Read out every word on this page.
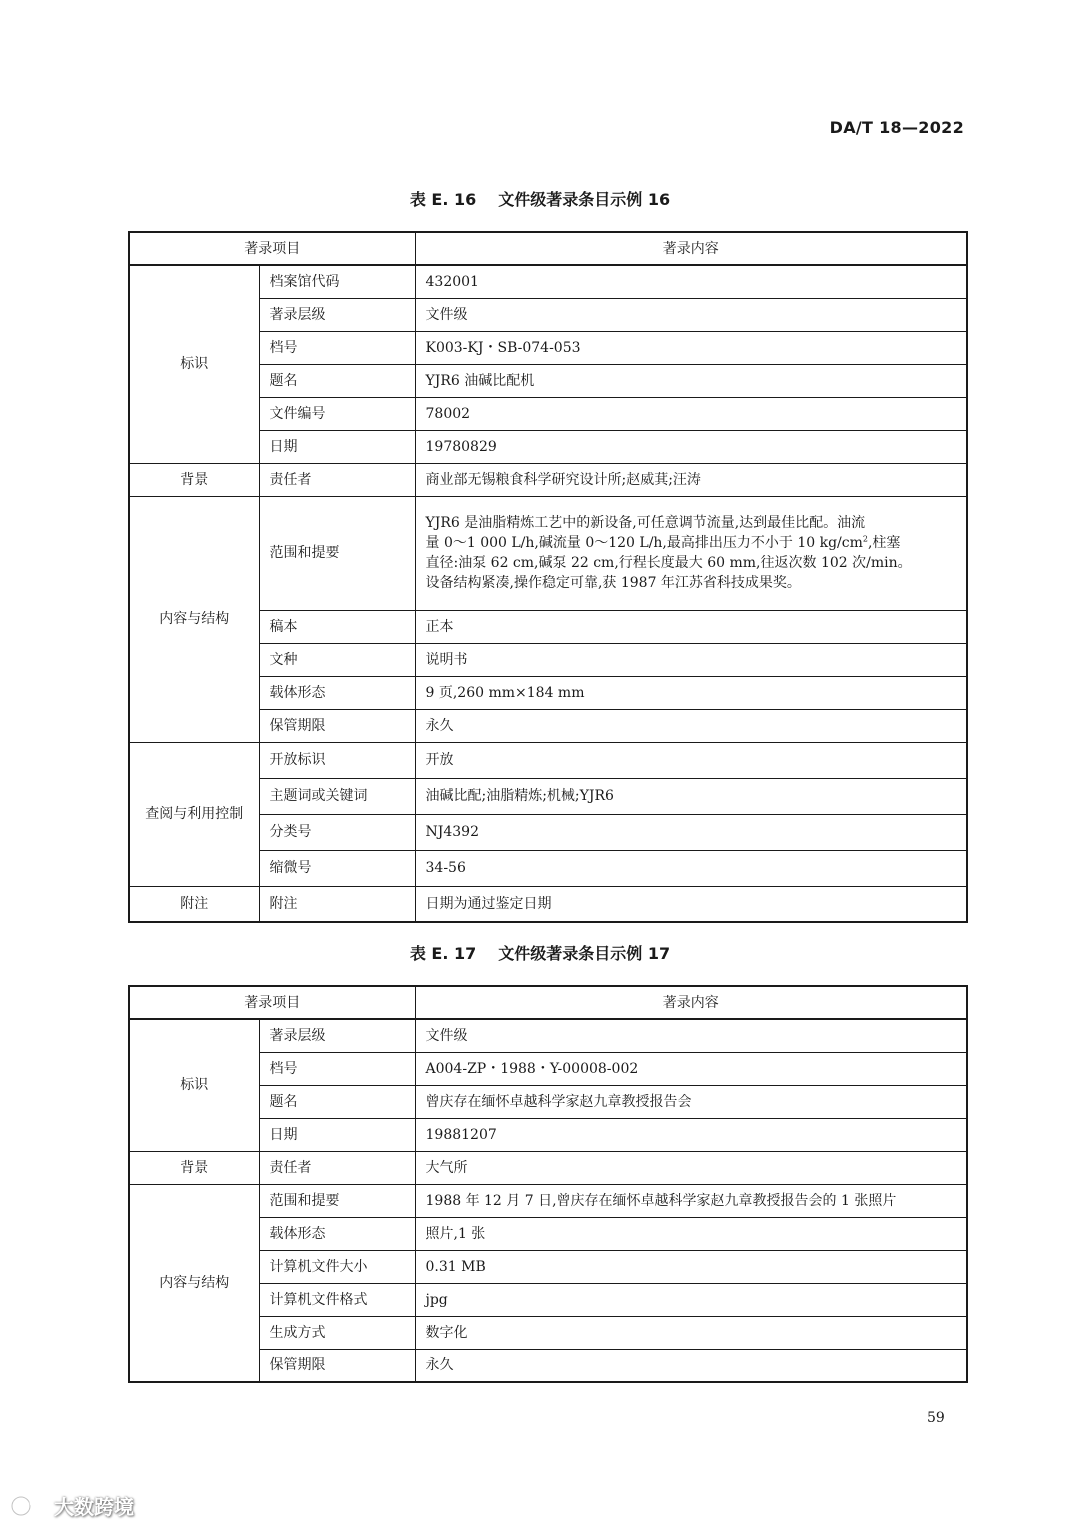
DA/T 18—2022
表 E. 16 文件级著录条目示例 16
著录项目		著录内容
标识	档案馆代码	432001
	著录层级	文件级
	档号	K003-KJ・SB-074-053
	题名	YJR6 油碱比配机
	文件编号	78002
	日期	19780829
背景	责任者	商业部无锡粮食科学研究设计所;赵威萁;汪涛
内容与结构	范围和提要	YJR6 是油脂精炼工艺中的新设备,可任意调节流量,达到最佳比配。油流
量 0～1 000 L/h,碱流量 0～120 L/h,最高排出压力不小于 10 $kg/cm^2$,柱塞
直径:油泵 62 cm,碱泵 22 cm,行程长度最大 60 mm,往返次数 102 次/min。
设备结构紧凑,操作稳定可靠,获 1987 年江苏省科技成果奖。

	稿本	正本
	文种	说明书
	载体形态	9 页,260 mm×184 mm
	保管期限	永久
查阅与利用控制	开放标识	开放
	主题词或关键词	油碱比配;油脂精炼;机械;YJR6
	分类号	NJ4392
	缩微号	34-56
附注	附注	日期为通过鉴定日期
表 E. 17 文件级著录条目示例 17
著录项目		著录内容
标识	著录层级	文件级
	档号	A004-ZP・1988・Y-00008-002
	题名	曾庆存在缅怀卓越科学家赵九章教授报告会
	日期	19881207
背景	责任者	大气所
内容与结构	范围和提要	1988 年 12 月 7 日,曾庆存在缅怀卓越科学家赵九章教授报告会的 1 张照片
	载体形态	照片,1 张
	计算机文件大小	0.31 MB
	计算机文件格式	jpg
	生成方式	数字化
	保管期限	永久
59
大数跨境
